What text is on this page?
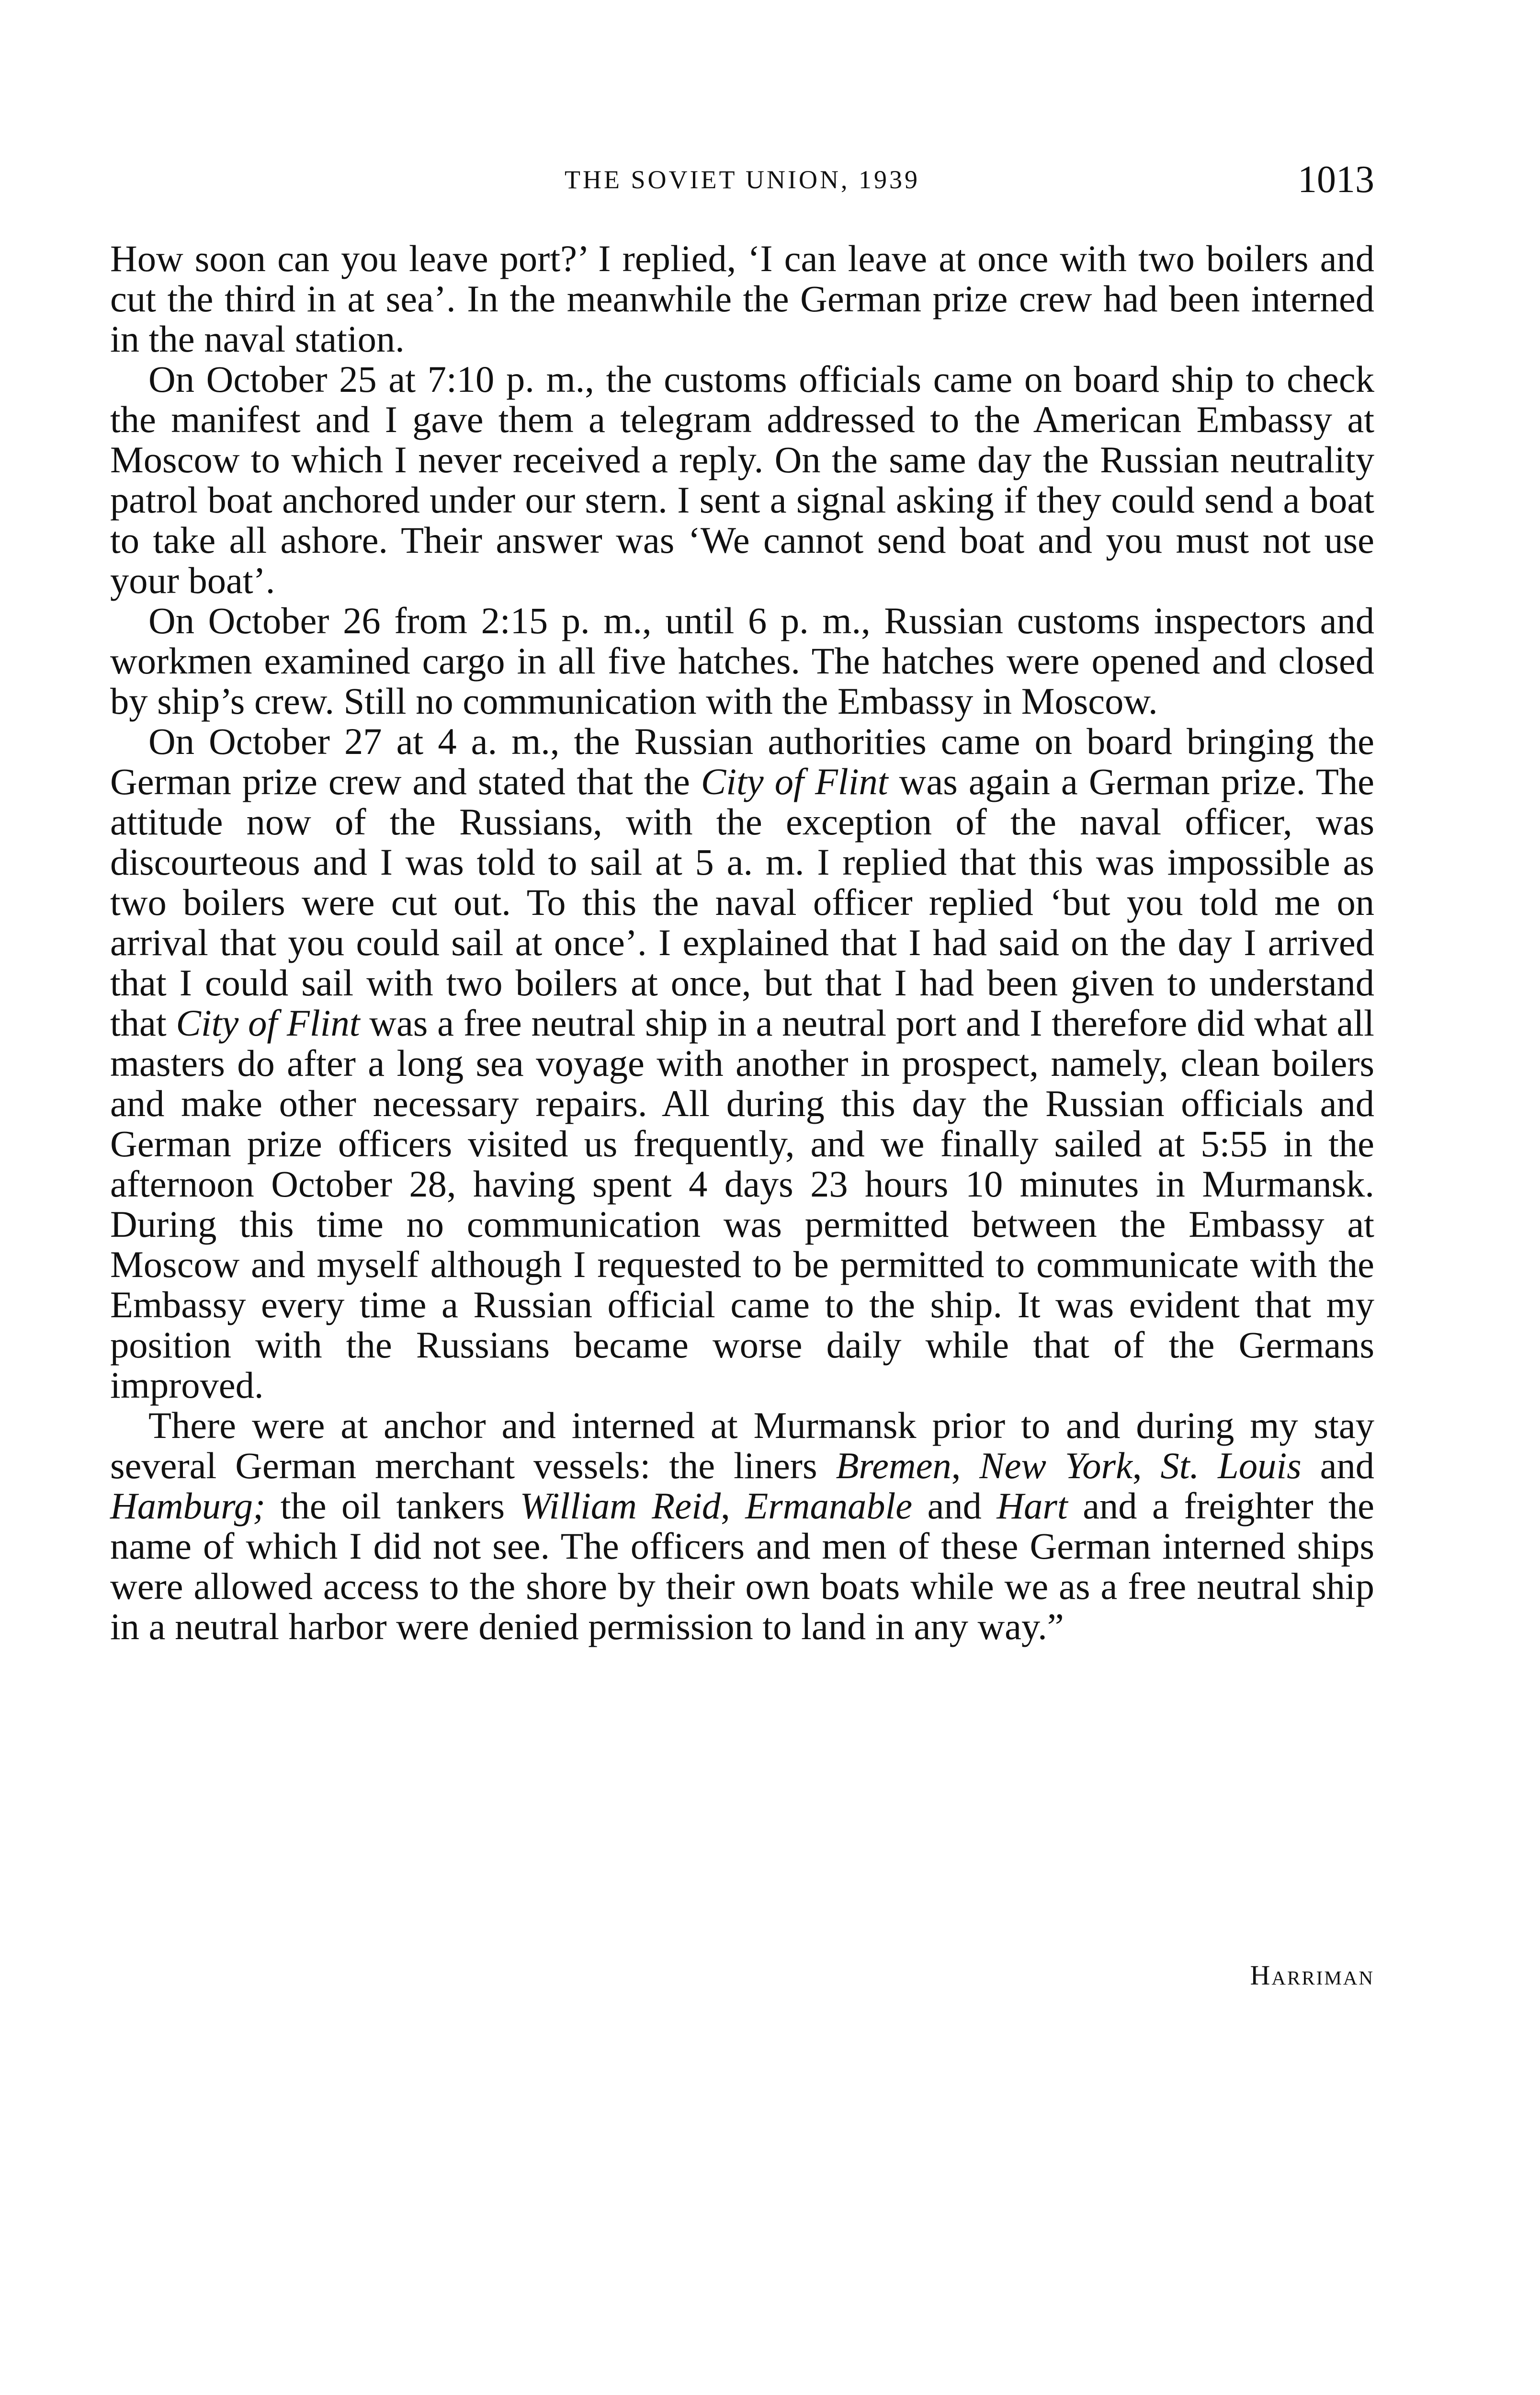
THE SOVIET UNION, 1939	1013

How soon can you leave port?’ I replied, ‘I can leave at once with two boilers and cut the third in at sea’. In the meanwhile the German prize crew had been interned in the naval station.

On October 25 at 7:10 p. m., the customs officials came on board ship to check the manifest and I gave them a telegram addressed to the American Embassy at Moscow to which I never received a reply. On the same day the Russian neutrality patrol boat anchored under our stern. I sent a signal asking if they could send a boat to take all ashore. Their answer was ‘We cannot send boat and you must not use your boat’.

On October 26 from 2:15 p. m., until 6 p. m., Russian customs inspectors and workmen examined cargo in all five hatches. The hatches were opened and closed by ship’s crew. Still no communication with the Embassy in Moscow.

On October 27 at 4 a. m., the Russian authorities came on board bringing the German prize crew and stated that the City of Flint was again a German prize. The attitude now of the Russians, with the exception of the naval officer, was discourteous and I was told to sail at 5 a. m. I replied that this was impossible as two boilers were cut out. To this the naval officer replied ‘but you told me on arrival that you could sail at once’. I explained that I had said on the day I arrived that I could sail with two boilers at once, but that I had been given to understand that City of Flint was a free neutral ship in a neutral port and I therefore did what all masters do after a long sea voyage with another in prospect, namely, clean boilers and make other necessary repairs. All during this day the Russian officials and German prize officers visited us frequently, and we finally sailed at 5:55 in the afternoon October 28, having spent 4 days 23 hours 10 minutes in Murmansk. During this time no communication was permitted between the Embassy at Moscow and myself although I requested to be permitted to communicate with the Embassy every time a Russian official came to the ship. It was evident that my position with the Russians became worse daily while that of the Germans improved.

There were at anchor and interned at Murmansk prior to and during my stay several German merchant vessels: the liners Bremen, New York, St. Louis and Hamburg; the oil tankers William Reid, Ermanable and Hart and a freighter the name of which I did not see. The officers and men of these German interned ships were allowed access to the shore by their own boats while we as a free neutral ship in a neutral harbor were denied permission to land in any way.”

Harriman
